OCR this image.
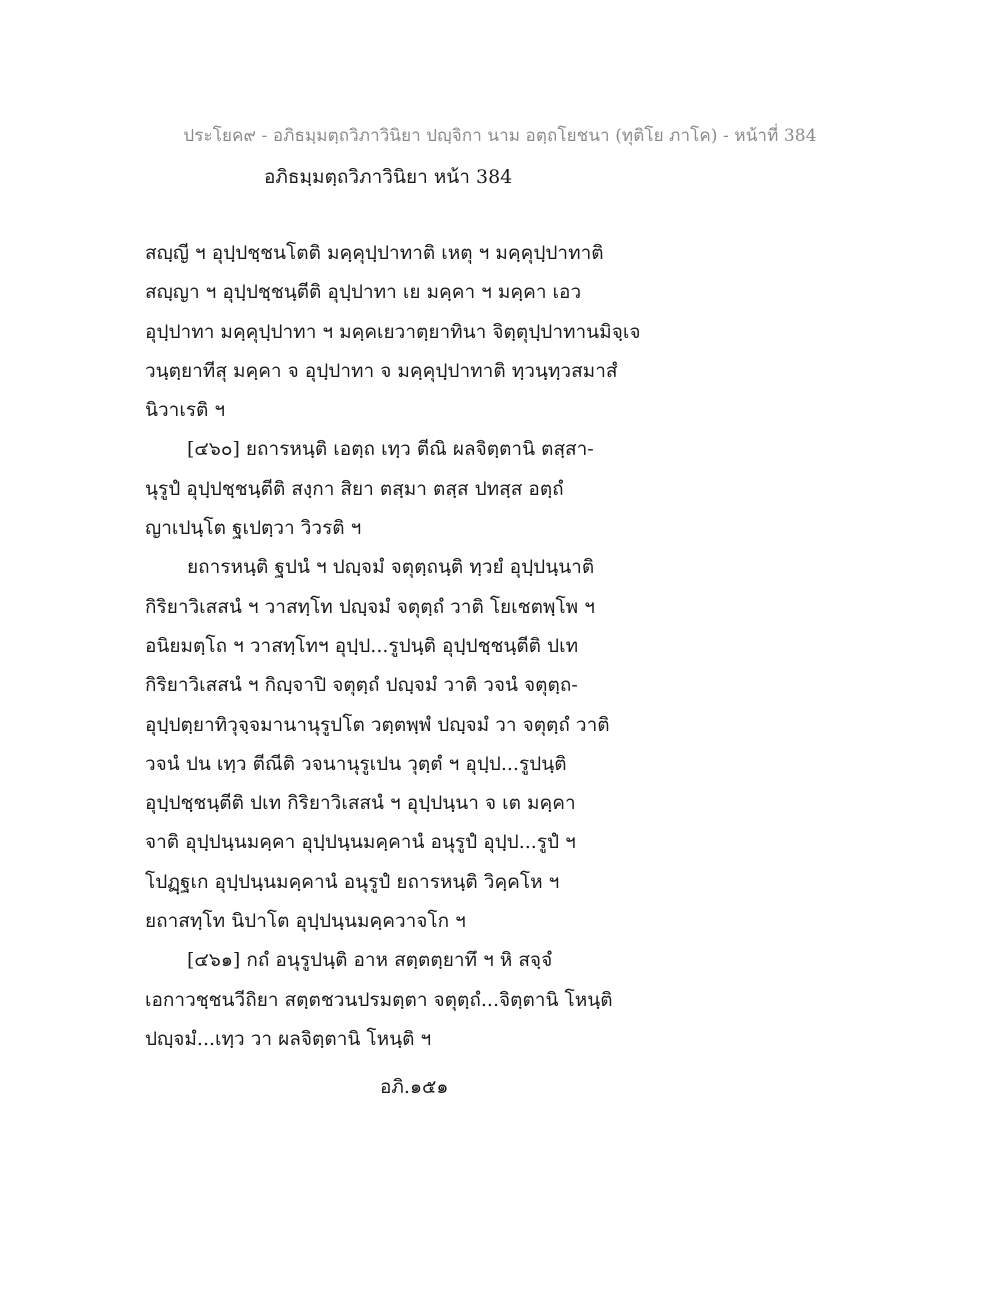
ประโยค๙ - อภิธมฺมตฺถวิภาวินิยา ปญฺจิกา นาม อตฺถโยชนา (ทุติโย ภาโค) - หน้าที่ 384
อภิธมฺมตฺถวิภาวินิยา หน้า 384
สญฺญี ฯ อุปฺปชฺชนโตติ มคฺคุปฺปาทาติ เหตุ ฯ มคฺคุปฺปาทาติ
สญฺญา ฯ อุปฺปชฺชนฺตีติ อุปฺปาทา เย มคฺคา ฯ มคฺคา เอว
อุปฺปาทา มคฺคุปฺปาทา ฯ มคฺคเยวาตฺยาทินา จิตฺตุปฺปาทานมิจฺเจ
วนฺตฺยาทีสุ มคฺคา จ อุปฺปาทา จ มคฺคุปฺปาทาติ ทฺวนฺทฺวสมาสํ
นิวาเรติ ฯ
[๔๖๐] ยถารหนฺติ เอตฺถ เทฺว ตีณิ ผลจิตฺตานิ ตสฺสา-
นุรูปํ อุปฺปชฺชนฺตีติ สงฺกา สิยา ตสฺมา ตสฺส ปทสฺส อตฺถํ
ญาเปนฺโต ฐเปตฺวา วิวรติ ฯ
ยถารหนฺติ ฐปนํ ฯ ปญฺจมํ จตุตฺถนฺติ ทฺวยํ อุปฺปนฺนาติ
กิริยาวิเสสนํ ฯ วาสทฺโท ปญฺจมํ จตุตฺถํ วาติ โยเชตพฺโพ ฯ
อนิยมตฺโถ ฯ วาสทฺโทฯ อุปฺป...รูปนฺติ อุปฺปชฺชนฺตีติ ปเท
กิริยาวิเสสนํ ฯ กิญฺจาปิ จตุตฺถํ ปญฺจมํ วาติ วจนํ จตุตฺถ-
อุปฺปตฺยาทิวุจฺจมานานุรูปโต วตฺตพฺพํ ปญฺจมํ วา จตุตฺถํ วาติ
วจนํ ปน เทฺว ตีณีติ วจนานุรูเปน วุตฺตํ ฯ อุปฺป...รูปนฺติ
อุปฺปชฺชนฺตีติ ปเท กิริยาวิเสสนํ ฯ อุปฺปนฺนา จ เต มคฺคา
จาติ อุปฺปนฺนมคฺคา อุปฺปนฺนมคฺคานํ อนุรูปํ อุปฺป...รูปํ ฯ
โปฏฺฐเก อุปฺปนฺนมคฺคานํ อนุรูปํ ยถารหนฺติ วิคฺคโห ฯ
ยถาสทฺโท นิปาโต อุปฺปนฺนมคฺควาจโก ฯ
[๔๖๑] กถํ อนุรูปนฺติ อาห สตฺตตฺยาทึ ฯ หิ สจฺจํ
เอกาวชฺชนวีถิยา สตฺตชวนปรมตฺตา จตุตฺถํ...จิตฺตานิ โหนฺติ
ปญฺจมํ...เทฺว วา ผลจิตฺตานิ โหนฺติ ฯ
อภิ.๑๕๑
